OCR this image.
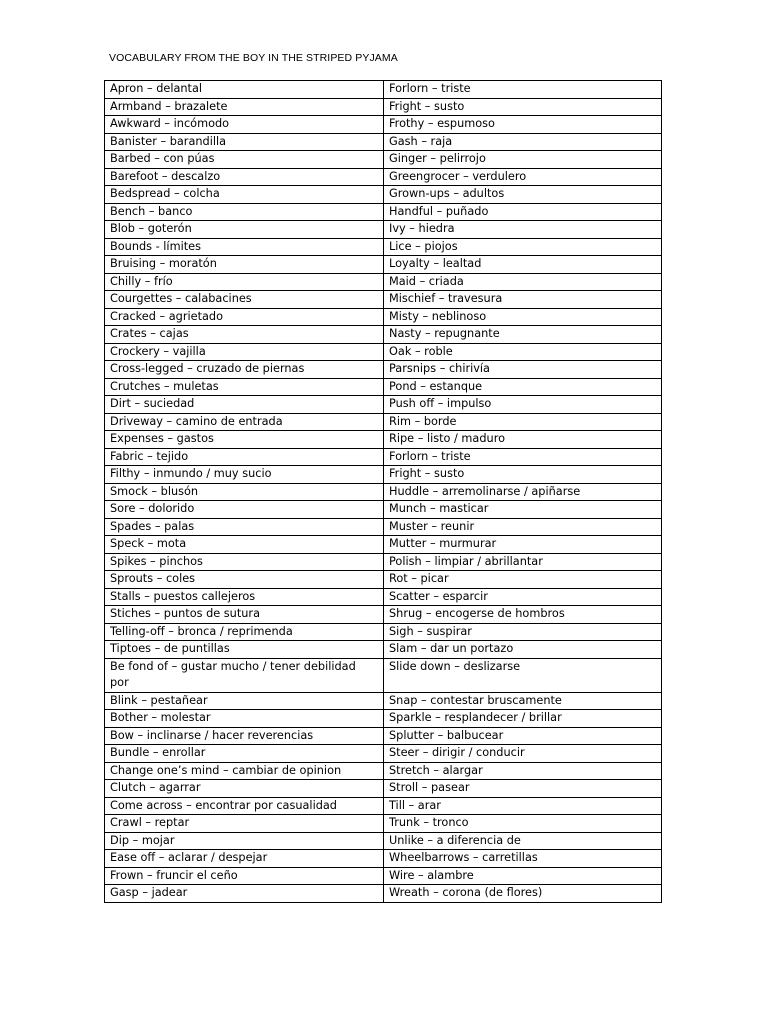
VOCABULARY FROM THE BOY IN THE STRIPED PYJAMA
Apron – delantal	Forlorn – triste
Armband – brazalete	Fright – susto
Awkward – incómodo	Frothy – espumoso
Banister – barandilla	Gash – raja
Barbed – con púas	Ginger – pelirrojo
Barefoot – descalzo	Greengrocer – verdulero
Bedspread – colcha	Grown-ups – adultos
Bench – banco	Handful – puñado
Blob – goterón	Ivy – hiedra
Bounds - límites	Lice – piojos
Bruising – moratón	Loyalty – lealtad
Chilly – frío	Maid – criada
Courgettes – calabacines	Mischief – travesura
Cracked – agrietado	Misty – neblinoso
Crates – cajas	Nasty – repugnante
Crockery – vajilla	Oak – roble
Cross-legged – cruzado de piernas	Parsnips – chirivía
Crutches – muletas	Pond – estanque
Dirt – suciedad	Push off – impulso
Driveway – camino de entrada	Rim – borde
Expenses – gastos	Ripe – listo / maduro
Fabric – tejido	Forlorn – triste
Filthy – inmundo / muy sucio	Fright – susto
Smock – blusón	Huddle – arremolinarse / apiñarse
Sore – dolorido	Munch – masticar
Spades – palas	Muster – reunir
Speck – mota	Mutter – murmurar
Spikes – pinchos	Polish – limpiar / abrillantar
Sprouts – coles	Rot – picar
Stalls – puestos callejeros	Scatter – esparcir
Stiches – puntos de sutura	Shrug – encogerse de hombros
Telling-off – bronca / reprimenda	Sigh – suspirar
Tiptoes – de puntillas	Slam – dar un portazo
Be fond of – gustar mucho / tener debilidad por	Slide down – deslizarse
Blink – pestañear	Snap – contestar bruscamente
Bother – molestar	Sparkle – resplandecer / brillar
Bow – inclinarse / hacer reverencias	Splutter – balbucear
Bundle – enrollar	Steer – dirigir / conducir
Change one’s mind – cambiar de opinion	Stretch – alargar
Clutch – agarrar	Stroll – pasear
Come across – encontrar por casualidad	Till – arar
Crawl – reptar	Trunk – tronco
Dip – mojar	Unlike – a diferencia de
Ease off – aclarar / despejar	Wheelbarrows – carretillas
Frown – fruncir el ceño	Wire – alambre
Gasp – jadear	Wreath – corona (de flores)
